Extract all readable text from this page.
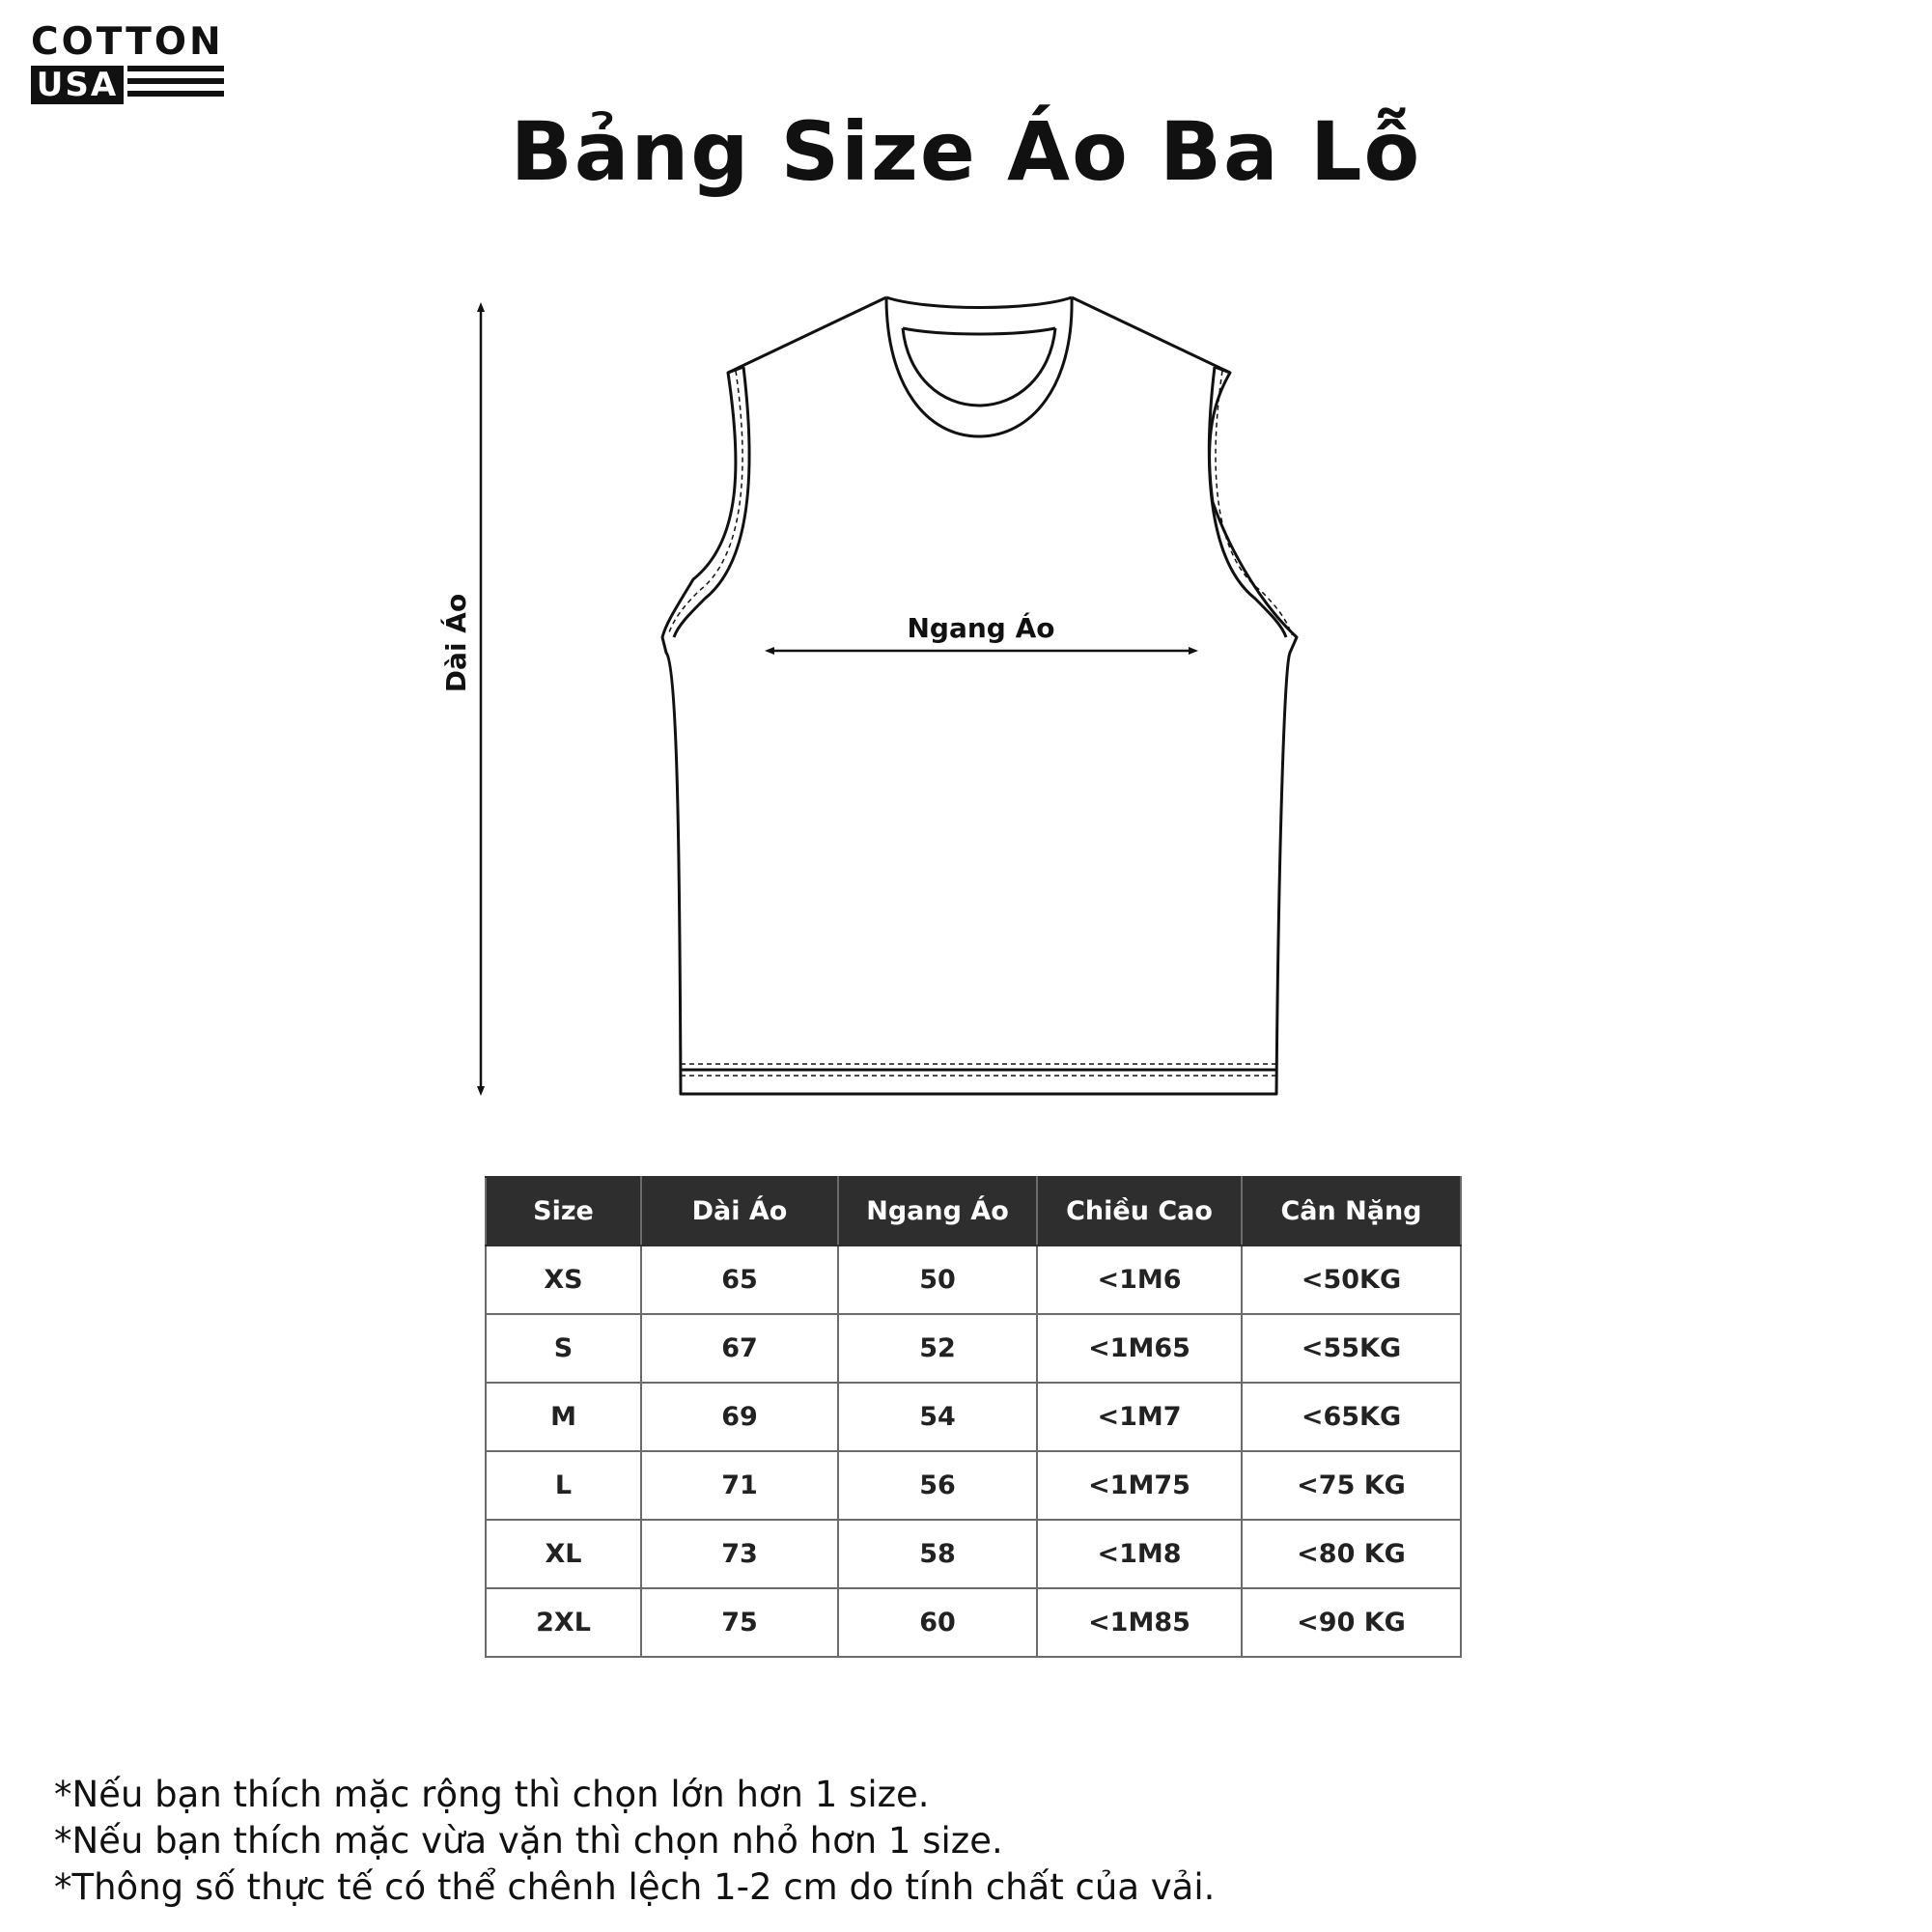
COTTON
USA
Bảng Size Áo Ba Lỗ
Dài Áo	Ngang Áo
Size	Dài Áo	Ngang Áo	Chiều Cao	Cân Nặng
XS	65	50	<1M6	<50KG
S	67	52	<1M65	<55KG
M	69	54	<1M7	<65KG
L	71	56	<1M75	<75 KG
XL	73	58	<1M8	<80 KG
2XL	75	60	<1M85	<90 KG
*Nếu bạn thích mặc rộng thì chọn lớn hơn 1 size.
*Nếu bạn thích mặc vừa vặn thì chọn nhỏ hơn 1 size.
*Thông số thực tế có thể chênh lệch 1-2 cm do tính chất của vải.
